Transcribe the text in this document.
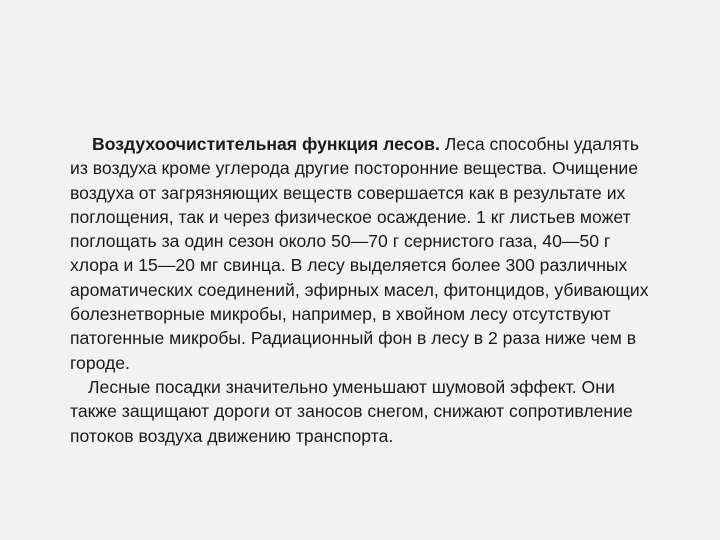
Воздухоочистительная функция лесов. Леса способны удалять из воздуха кроме углерода другие посторонние вещества. Очищение воздуха от загрязняющих веществ совершается как в результате их поглощения, так и через физическое осаждение. 1 кг листьев может поглощать за один сезон около 50—70 г сернистого газа, 40—50 г хлора и 15—20 мг свинца. В лесу выделяется более 300 различных ароматических соединений, эфирных масел, фитонцидов, убивающих болезнетворные микробы, например, в хвойном лесу отсутствуют патогенные микробы. Радиационный фон в лесу в 2 раза ниже чем в городе.

Лесные посадки значительно уменьшают шумовой эффект. Они также защищают дороги от заносов снегом, снижают сопротивление потоков воздуха движению транспорта.
